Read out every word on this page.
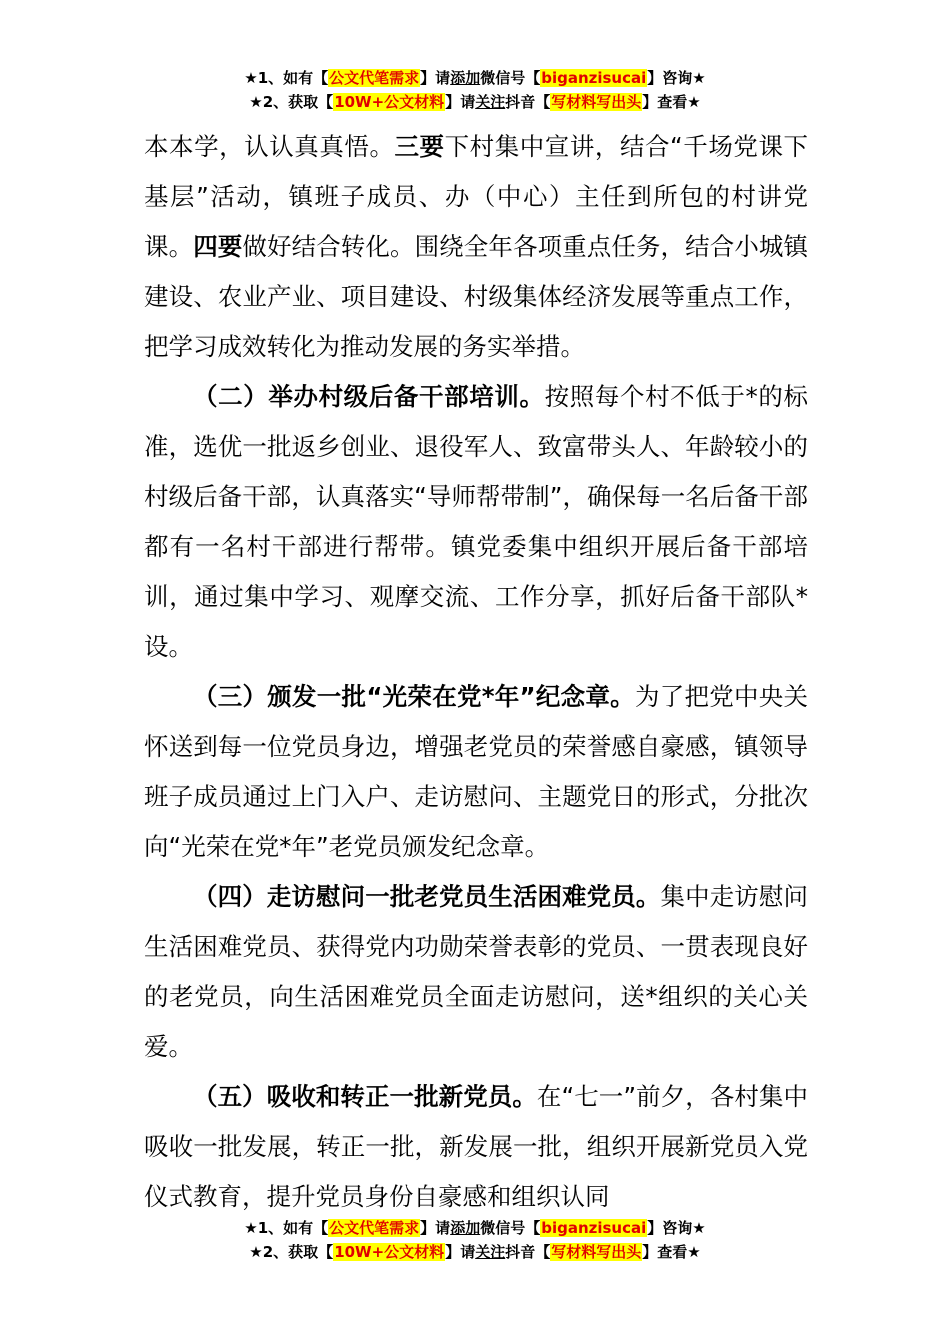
★1、如有【公文代笔需求】请添加微信号【biganzisucai】咨询★
★2、获取【10W+公文材料】请关注抖音【写材料写出头】查看★

本本学，认认真真悟。三要下村集中宣讲，结合“千场党课下基层”活动，镇班子成员、办（中心）主任到所包的村讲党课。四要做好结合转化。围绕全年各项重点任务，结合小城镇建设、农业产业、项目建设、村级集体经济发展等重点工作，把学习成效转化为推动发展的务实举措。

（二）举办村级后备干部培训。按照每个村不低于*的标准，选优一批返乡创业、退役军人、致富带头人、年龄较小的村级后备干部，认真落实“导师帮带制”，确保每一名后备干部都有一名村干部进行帮带。镇党委集中组织开展后备干部培训，通过集中学习、观摩交流、工作分享，抓好后备干部队*设。

（三）颁发一批“光荣在党*年”纪念章。为了把党中央关怀送到每一位党员身边，增强老党员的荣誉感自豪感，镇领导班子成员通过上门入户、走访慰问、主题党日的形式，分批次向“光荣在党*年”老党员颁发纪念章。

（四）走访慰问一批老党员生活困难党员。集中走访慰问生活困难党员、获得党内功勋荣誉表彰的党员、一贯表现良好的老党员，向生活困难党员全面走访慰问，送*组织的关心关爱。

（五）吸收和转正一批新党员。在“七一”前夕，各村集中吸收一批发展，转正一批，新发展一批，组织开展新党员入党仪式教育，提升党员身份自豪感和组织认同

★1、如有【公文代笔需求】请添加微信号【biganzisucai】咨询★
★2、获取【10W+公文材料】请关注抖音【写材料写出头】查看★
